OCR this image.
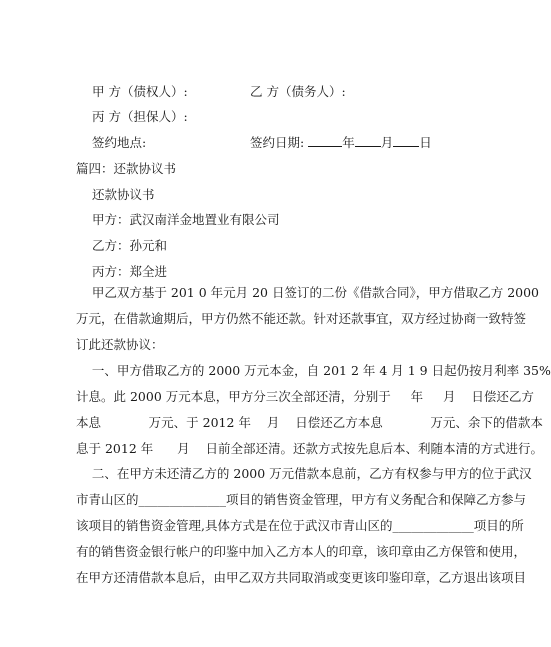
甲 方（债权人）:	乙 方（债务人）:
丙 方（担保人）:
签约地点:	签约日期:	年 月 日
篇四：还款协议书
还款协议书
甲方：武汉南洋金地置业有限公司
乙方：孙元和
丙方：郑全进
甲乙双方基于 201 0 年元月 20 日签订的二份《借款合同》，甲方借取乙方 2000
万元，在借款逾期后，甲方仍然不能还款。针对还款事宜，双方经过协商一致特签
订此还款协议：
一、甲方借取乙方的 2000 万元本金，自 201 2 年 4 月 1 9 日起仍按月利率 35%
计息。此 2000 万元本息，甲方分三次全部还清，分别于     年     月    日偿还乙方
本息            万元、于 2012 年    月    日偿还乙方本息            万元、余下的借款本
息于 2012 年      月    日前全部还清。还款方式按先息后本、利随本清的方式进行。
二、在甲方未还清乙方的 2000 万元借款本息前，乙方有权参与甲方的位于武汉
市青山区的______________项目的销售资金管理，甲方有义务配合和保障乙方参与
该项目的销售资金管理,具体方式是在位于武汉市青山区的_____________项目的所
有的销售资金银行帐户的印鉴中加入乙方本人的印章，该印章由乙方保管和使用，
在甲方还清借款本息后，由甲乙双方共同取消或变更该印鉴印章，乙方退出该项目
